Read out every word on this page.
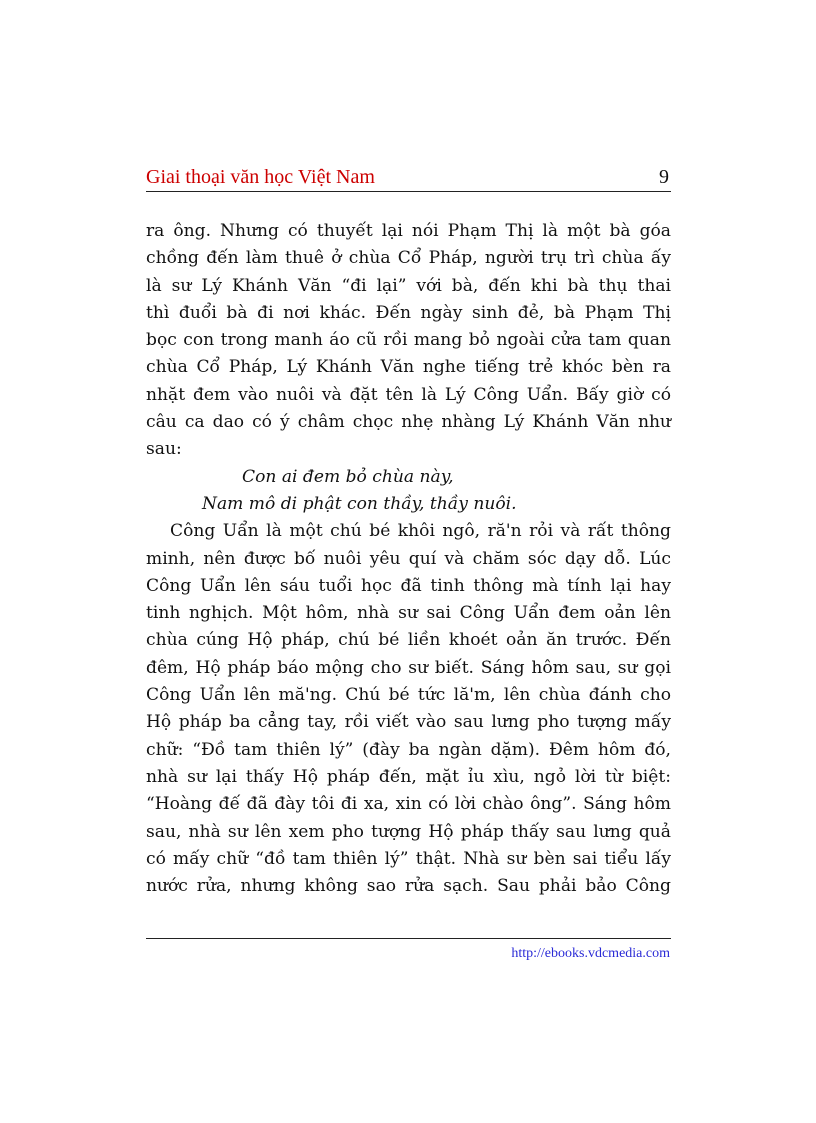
Giai thoại văn học Việt Nam	9
ra ông. Nhưng có thuyết lại nói Phạm Thị là một bà góa
chồng đến làm thuê ở chùa Cổ Pháp, người trụ trì chùa ấy
là sư Lý Khánh Văn “đi lại” với bà, đến khi bà thụ thai
thì đuổi bà đi nơi khác. Đến ngày sinh đẻ, bà Phạm Thị
bọc con trong manh áo cũ rồi mang bỏ ngoài cửa tam quan
chùa Cổ Pháp, Lý Khánh Văn nghe tiếng trẻ khóc bèn ra
nhặt đem vào nuôi và đặt tên là Lý Công Uẩn. Bấy giờ có
câu ca dao có ý châm chọc nhẹ nhàng Lý Khánh Văn như
sau:
Con ai đem bỏ chùa này,
Nam mô di phật con thầy, thầy nuôi.
Công Uẩn là một chú bé khôi ngô, ră'n rỏi và rất thông
minh, nên được bố nuôi yêu quí và chăm sóc dạy dỗ. Lúc
Công Uẩn lên sáu tuổi học đã tinh thông mà tính lại hay
tinh nghịch. Một hôm, nhà sư sai Công Uẩn đem oản lên
chùa cúng Hộ pháp, chú bé liền khoét oản ăn trước. Đến
đêm, Hộ pháp báo mộng cho sư biết. Sáng hôm sau, sư gọi
Công Uẩn lên mă'ng. Chú bé tức lă'm, lên chùa đánh cho
Hộ pháp ba cẳng tay, rồi viết vào sau lưng pho tượng mấy
chữ: “Đồ tam thiên lý” (đày ba ngàn dặm). Đêm hôm đó,
nhà sư lại thấy Hộ pháp đến, mặt ỉu xìu, ngỏ lời từ biệt:
“Hoàng đế đã đày tôi đi xa, xin có lời chào ông”. Sáng hôm
sau, nhà sư lên xem pho tượng Hộ pháp thấy sau lưng quả
có mấy chữ “đồ tam thiên lý” thật. Nhà sư bèn sai tiểu lấy
nước rửa, nhưng không sao rửa sạch. Sau phải bảo Công
http://ebooks.vdcmedia.com
